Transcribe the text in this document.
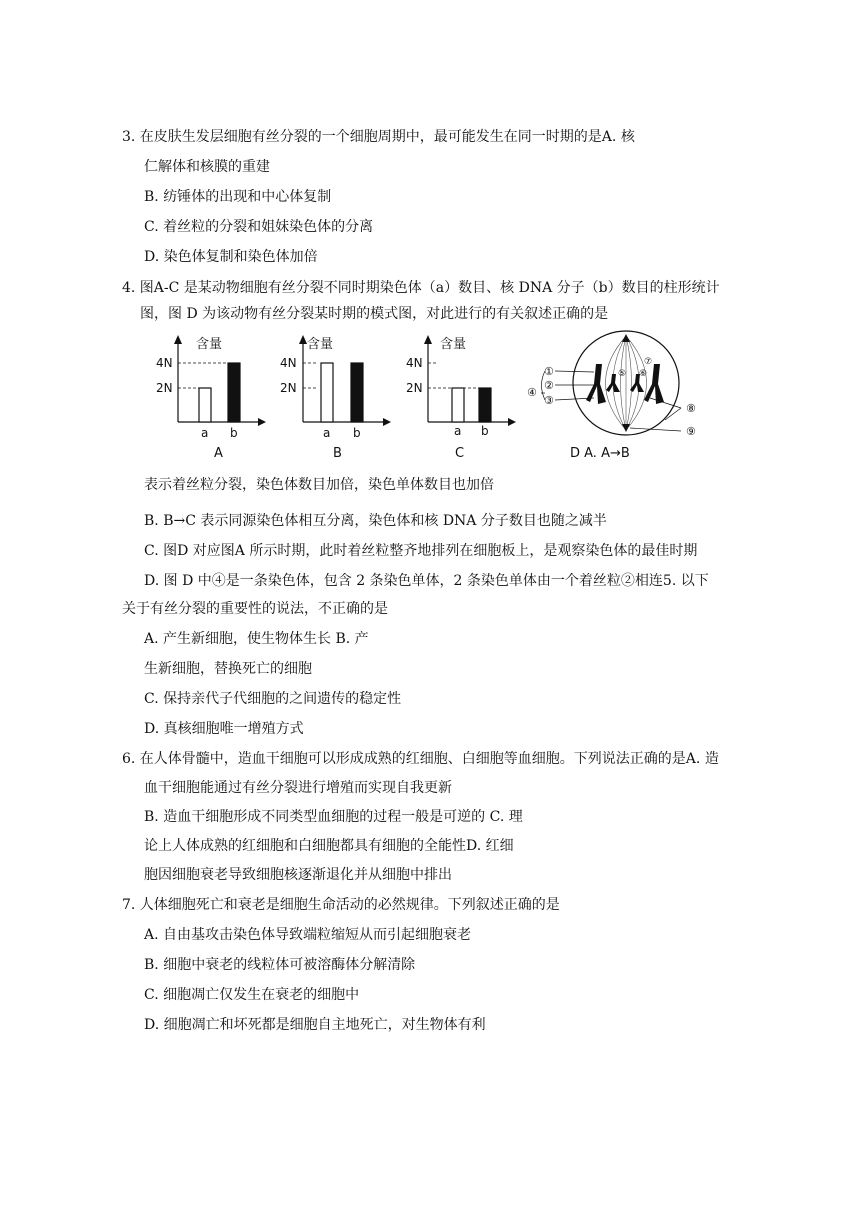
3. 在皮肤生发层细胞有丝分裂的一个细胞周期中，最可能发生在同一时期的是A. 核
仁解体和核膜的重建
B. 纺锤体的出现和中心体复制
C. 着丝粒的分裂和姐妹染色体的分离
D. 染色体复制和染色体加倍
4. 图A-C 是某动物细胞有丝分裂不同时期染色体（a）数目、核 DNA 分子（b）数目的柱形统计
图，图 D 为该动物有丝分裂某时期的模式图，对此进行的有关叙述正确的是
含量
4N
2N
a b
A
含量
4N
2N
a b
B
含量
4N
2N
a b
C
①
②
③
④
⑤ ⑥
⑦
⑧
⑨
D A. A→B
表示着丝粒分裂，染色体数目加倍，染色单体数目也加倍
B. B→C 表示同源染色体相互分离，染色体和核 DNA 分子数目也随之减半
C. 图D 对应图A 所示时期，此时着丝粒整齐地排列在细胞板上，是观察染色体的最佳时期
D. 图 D 中④是一条染色体，包含 2 条染色单体，2 条染色单体由一个着丝粒②相连5. 以下
关于有丝分裂的重要性的说法，不正确的是
A. 产生新细胞，使生物体生长 B. 产
生新细胞，替换死亡的细胞
C. 保持亲代子代细胞的之间遗传的稳定性
D. 真核细胞唯一增殖方式
6. 在人体骨髓中，造血干细胞可以形成成熟的红细胞、白细胞等血细胞。下列说法正确的是A. 造
血干细胞能通过有丝分裂进行增殖而实现自我更新
B. 造血干细胞形成不同类型血细胞的过程一般是可逆的 C. 理
论上人体成熟的红细胞和白细胞都具有细胞的全能性D. 红细
胞因细胞衰老导致细胞核逐渐退化并从细胞中排出
7. 人体细胞死亡和衰老是细胞生命活动的必然规律。下列叙述正确的是
A. 自由基攻击染色体导致端粒缩短从而引起细胞衰老
B. 细胞中衰老的线粒体可被溶酶体分解清除
C. 细胞凋亡仅发生在衰老的细胞中
D. 细胞凋亡和坏死都是细胞自主地死亡，对生物体有利
